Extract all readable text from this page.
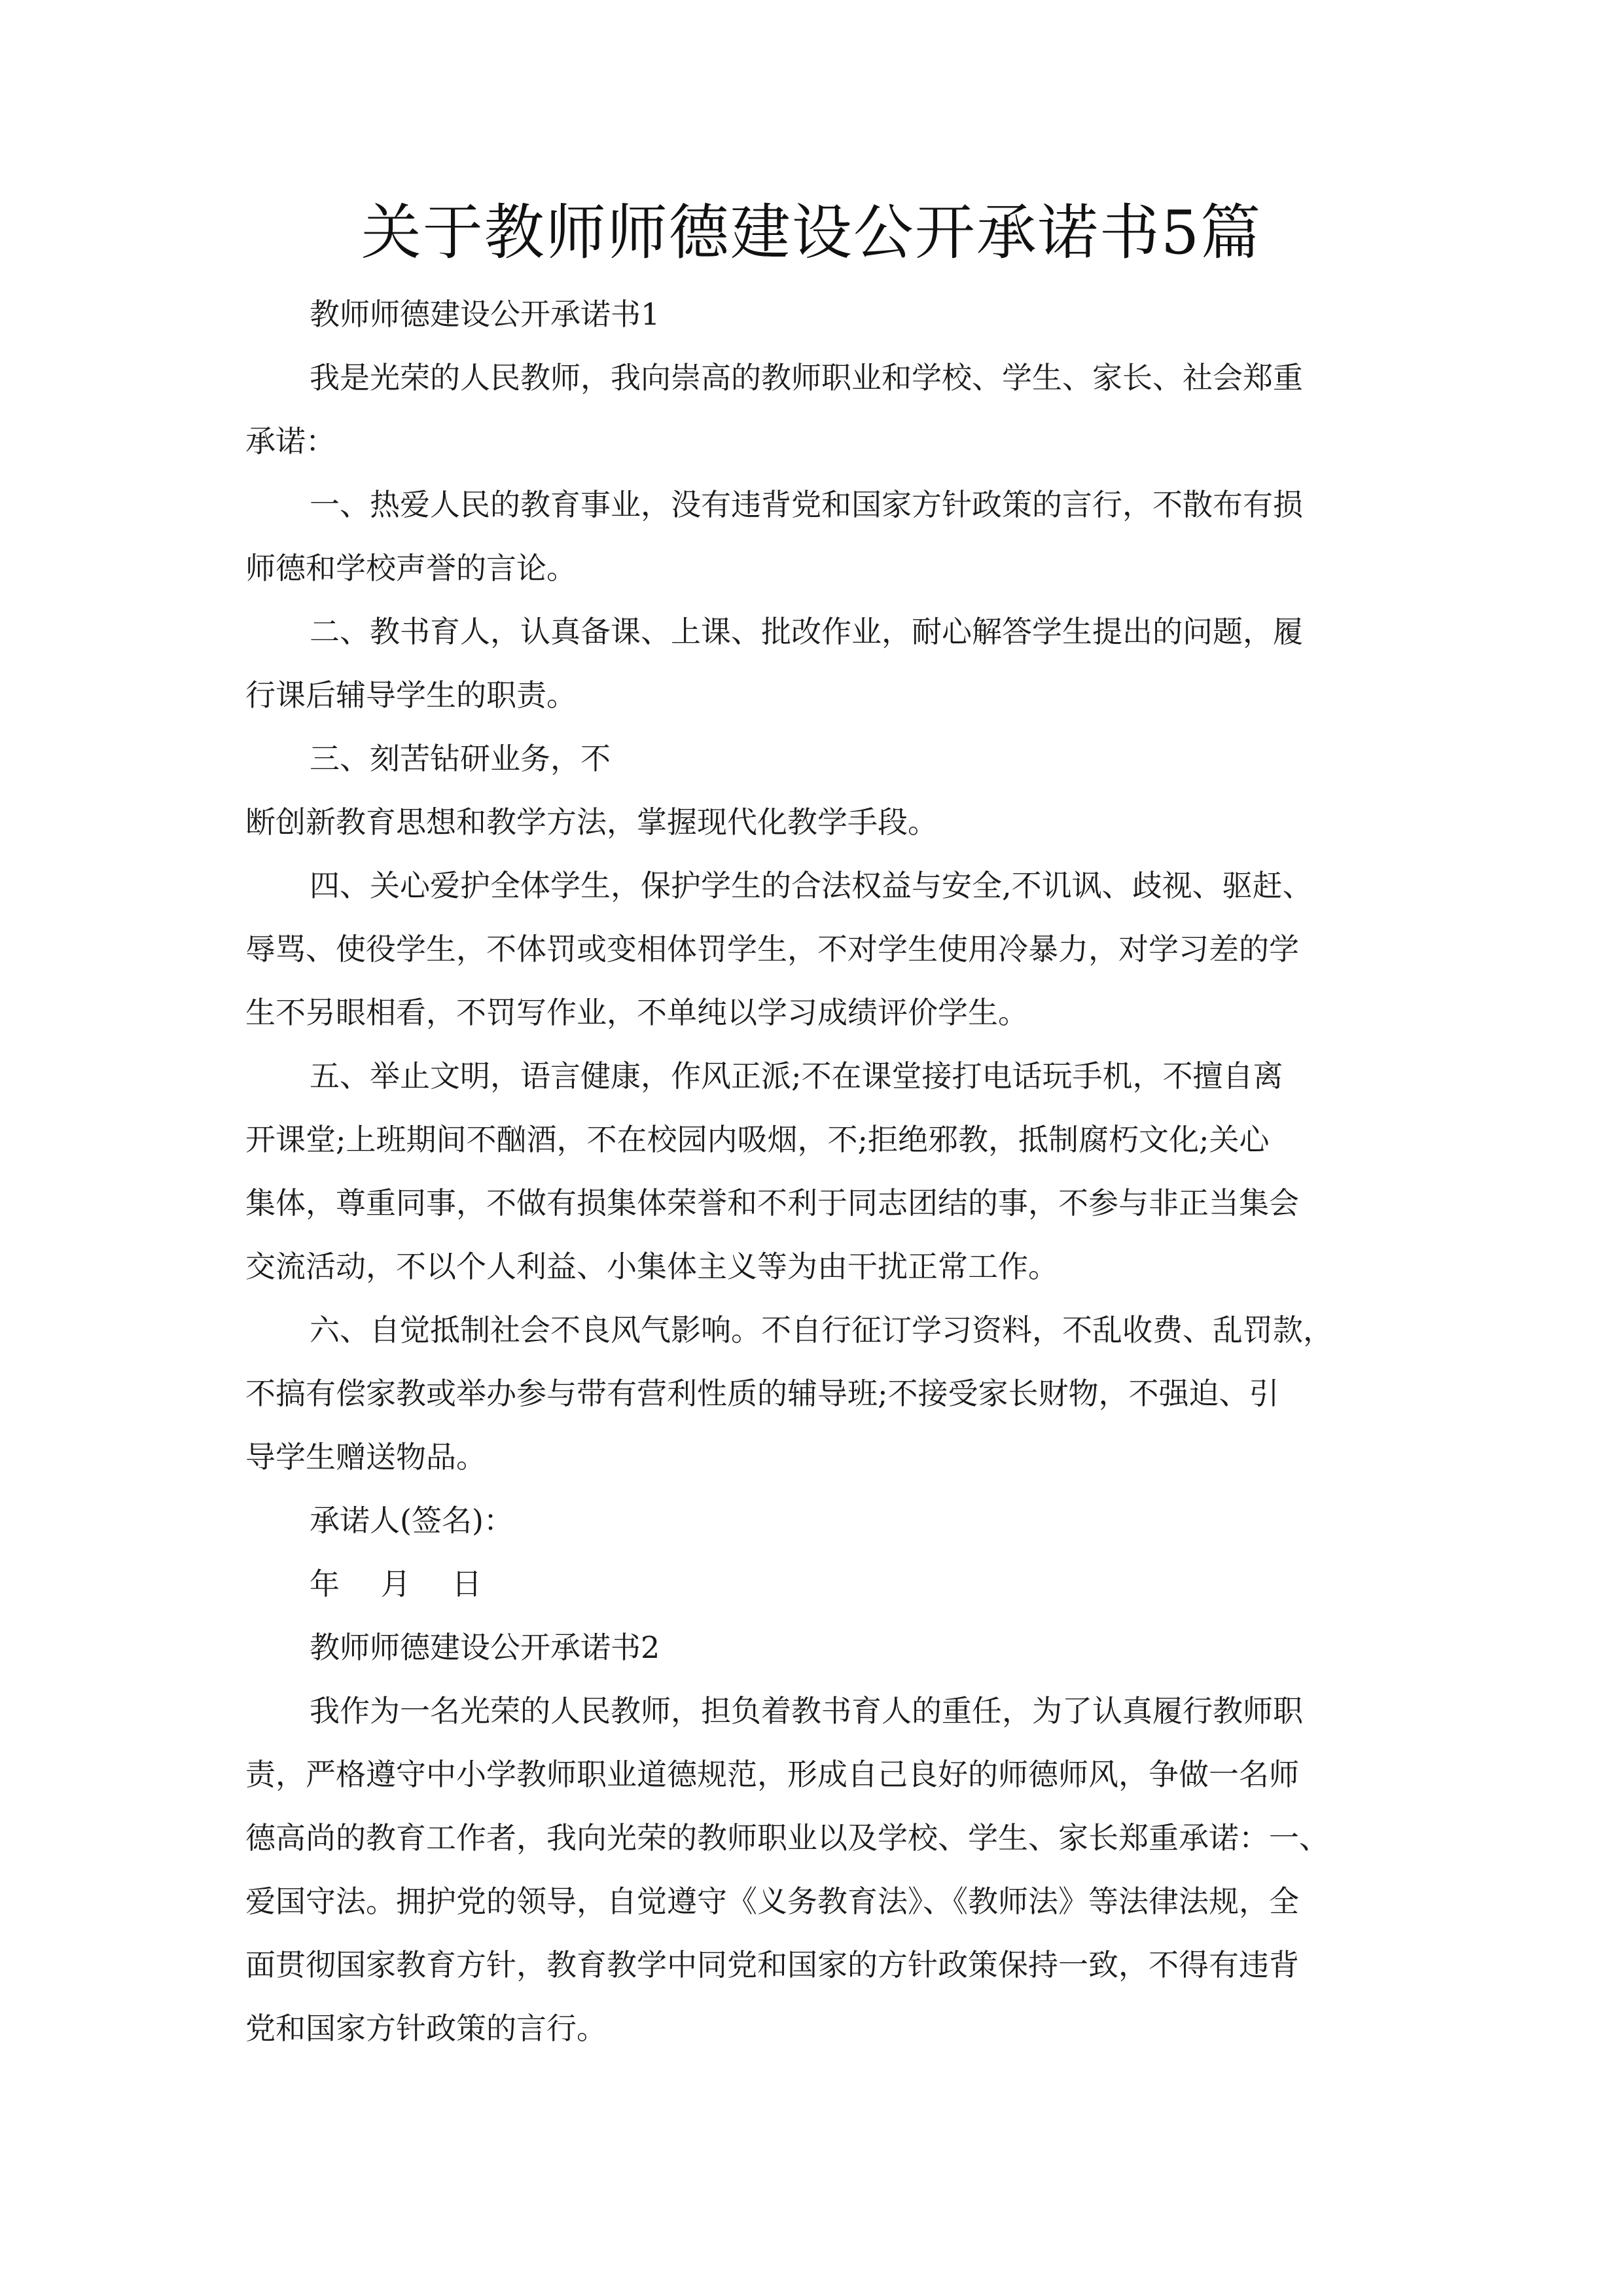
关于教师师德建设公开承诺书5篇

教师师德建设公开承诺书1

我是光荣的人民教师，我向崇高的教师职业和学校、学生、家长、社会郑重

承诺：

一、热爱人民的教育事业，没有违背党和国家方针政策的言行，不散布有损

师德和学校声誉的言论。

二、教书育人，认真备课、上课、批改作业，耐心解答学生提出的问题，履

行课后辅导学生的职责。

三、刻苦钻研业务，不

断创新教育思想和教学方法，掌握现代化教学手段。

四、关心爱护全体学生，保护学生的合法权益与安全,不讥讽、歧视、驱赶、

辱骂、使役学生，不体罚或变相体罚学生，不对学生使用冷暴力，对学习差的学

生不另眼相看，不罚写作业，不单纯以学习成绩评价学生。

五、举止文明，语言健康，作风正派;不在课堂接打电话玩手机，不擅自离

开课堂;上班期间不酗酒，不在校园内吸烟，不;拒绝邪教，抵制腐朽文化;关心

集体，尊重同事，不做有损集体荣誉和不利于同志团结的事，不参与非正当集会

交流活动，不以个人利益、小集体主义等为由干扰正常工作。

六、自觉抵制社会不良风气影响。不自行征订学习资料，不乱收费、乱罚款，

不搞有偿家教或举办参与带有营利性质的辅导班;不接受家长财物，不强迫、引

导学生赠送物品。

承诺人(签名)：

年 月 日

教师师德建设公开承诺书2

我作为一名光荣的人民教师，担负着教书育人的重任，为了认真履行教师职

责，严格遵守中小学教师职业道德规范，形成自己良好的师德师风，争做一名师

德高尚的教育工作者，我向光荣的教师职业以及学校、学生、家长郑重承诺：一、

爱国守法。拥护党的领导，自觉遵守《义务教育法》、《教师法》等法律法规，全

面贯彻国家教育方针，教育教学中同党和国家的方针政策保持一致，不得有违背

党和国家方针政策的言行。
